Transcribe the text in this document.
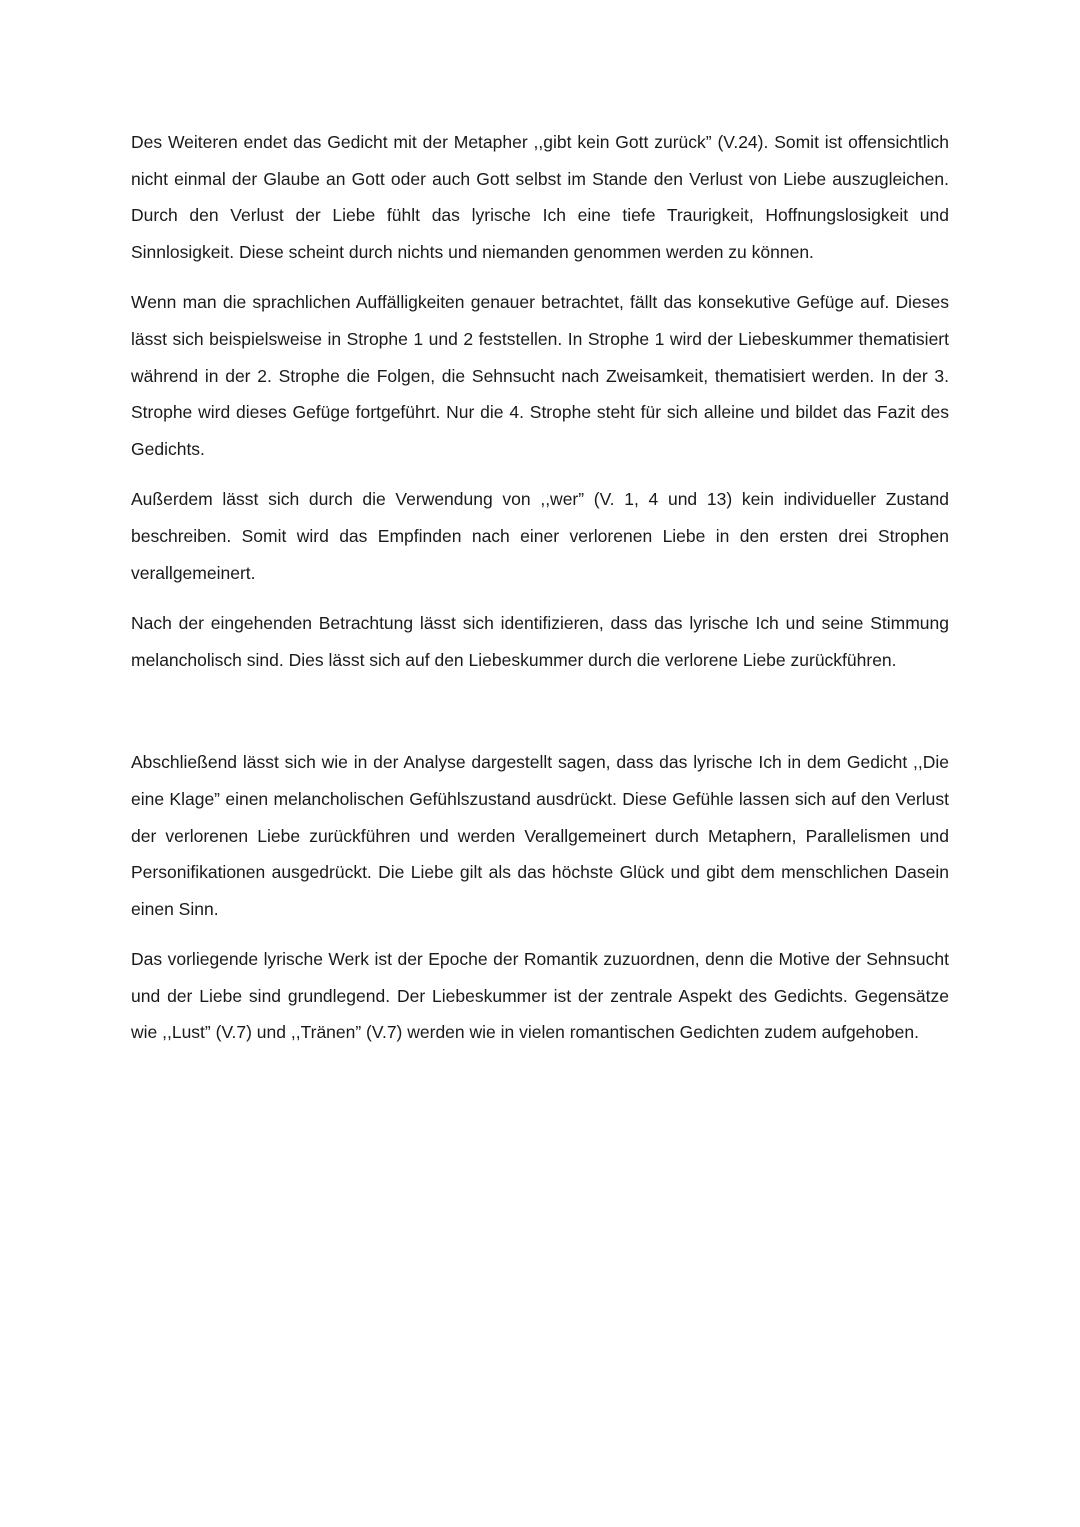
Des Weiteren endet das Gedicht mit der Metapher ,,gibt kein Gott zurück” (V.24). Somit ist offensichtlich nicht einmal der Glaube an Gott oder auch Gott selbst im Stande den Verlust von Liebe auszugleichen. Durch den Verlust der Liebe fühlt das lyrische Ich eine tiefe Traurigkeit, Hoffnungslosigkeit und Sinnlosigkeit. Diese scheint durch nichts und niemanden genommen werden zu können.

Wenn man die sprachlichen Auffälligkeiten genauer betrachtet, fällt das konsekutive Gefüge auf. Dieses lässt sich beispielsweise in Strophe 1 und 2 feststellen. In Strophe 1 wird der Liebeskummer thematisiert während in der 2. Strophe die Folgen, die Sehnsucht nach Zweisamkeit, thematisiert werden. In der 3. Strophe wird dieses Gefüge fortgeführt. Nur die 4. Strophe steht für sich alleine und bildet das Fazit des Gedichts.

Außerdem lässt sich durch die Verwendung von ,,wer” (V. 1, 4 und 13) kein individueller Zustand beschreiben. Somit wird das Empfinden nach einer verlorenen Liebe in den ersten drei Strophen verallgemeinert.

Nach der eingehenden Betrachtung lässt sich identifizieren, dass das lyrische Ich und seine Stimmung melancholisch sind. Dies lässt sich auf den Liebeskummer durch die verlorene Liebe zurückführen.

Abschließend lässt sich wie in der Analyse dargestellt sagen, dass das lyrische Ich in dem Gedicht ,,Die eine Klage” einen melancholischen Gefühlszustand ausdrückt. Diese Gefühle lassen sich auf den Verlust der verlorenen Liebe zurückführen und werden Verallgemeinert durch Metaphern, Parallelismen und Personifikationen ausgedrückt. Die Liebe gilt als das höchste Glück und gibt dem menschlichen Dasein einen Sinn.

Das vorliegende lyrische Werk ist der Epoche der Romantik zuzuordnen, denn die Motive der Sehnsucht und der Liebe sind grundlegend. Der Liebeskummer ist der zentrale Aspekt des Gedichts. Gegensätze wie ,,Lust” (V.7) und ,,Tränen” (V.7) werden wie in vielen romantischen Gedichten zudem aufgehoben.
